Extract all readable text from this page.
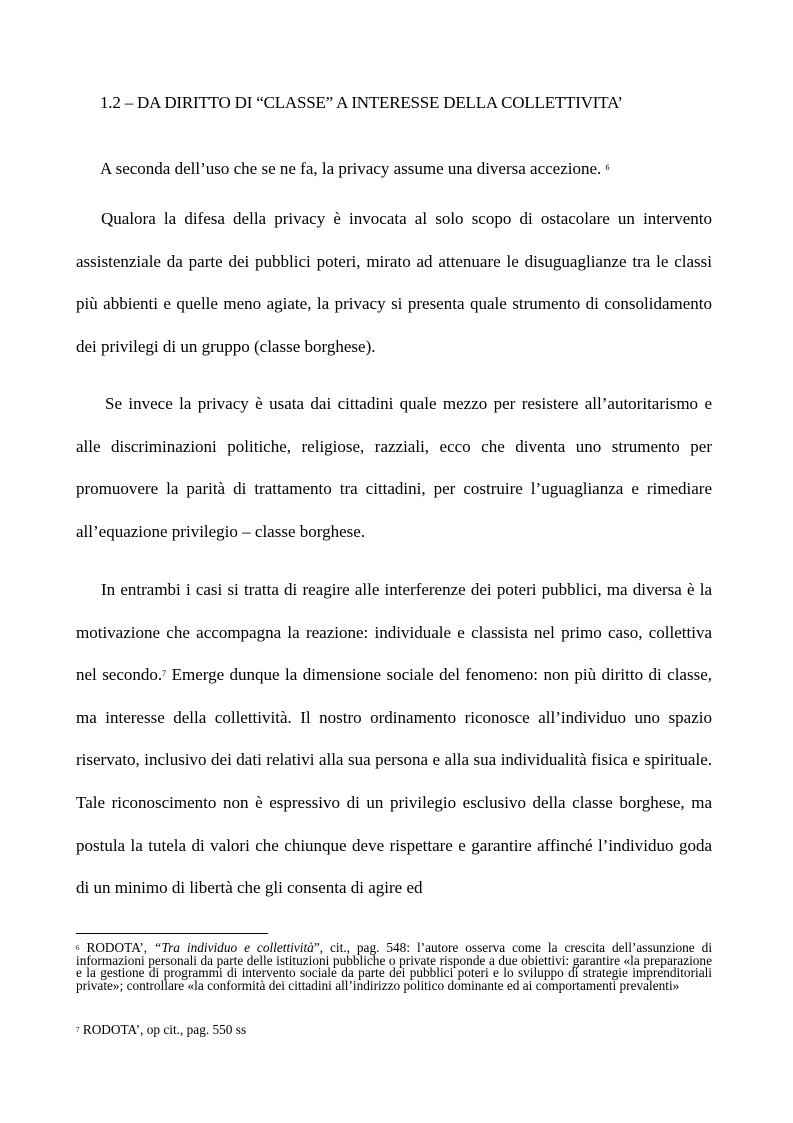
1.2 – DA DIRITTO DI “CLASSE” A INTERESSE DELLA COLLETTIVITA’
A seconda dell’uso che se ne fa, la privacy assume una diversa accezione. $^6$
Qualora la difesa della privacy è invocata al solo scopo di ostacolare un intervento assistenziale da parte dei pubblici poteri, mirato ad attenuare le disuguaglianze tra le classi più abbienti e quelle meno agiate, la privacy si presenta quale strumento di consolidamento dei privilegi di un gruppo (classe borghese).
Se invece la privacy è usata dai cittadini quale mezzo per resistere all’autoritarismo e alle discriminazioni politiche, religiose, razziali, ecco che diventa uno strumento per promuovere la parità di trattamento tra cittadini, per costruire l’uguaglianza e rimediare all’equazione privilegio – classe borghese.
In entrambi i casi si tratta di reagire alle interferenze dei poteri pubblici, ma diversa è la motivazione che accompagna la reazione: individuale e classista nel primo caso, collettiva nel secondo.$^7$ Emerge dunque la dimensione sociale del fenomeno: non più diritto di classe, ma interesse della collettività. Il nostro ordinamento riconosce all’individuo uno spazio riservato, inclusivo dei dati relativi alla sua persona e alla sua individualità fisica e spirituale. Tale riconoscimento non è espressivo di un privilegio esclusivo della classe borghese, ma postula la tutela di valori che chiunque deve rispettare e garantire affinché l’individuo goda di un minimo di libertà che gli consenta di agire ed
$^6$ RODOTA’, “Tra individuo e collettività”, cit., pag. 548: l’autore osserva come la crescita dell’assunzione di informazioni personali da parte delle istituzioni pubbliche o private risponde a due obiettivi: garantire «la preparazione e la gestione di programmi di intervento sociale da parte dei pubblici poteri e lo sviluppo di strategie imprenditoriali private»; controllare «la conformità dei cittadini all’indirizzo politico dominante ed ai comportamenti prevalenti»
$^7$ RODOTA’, op cit., pag. 550 ss
